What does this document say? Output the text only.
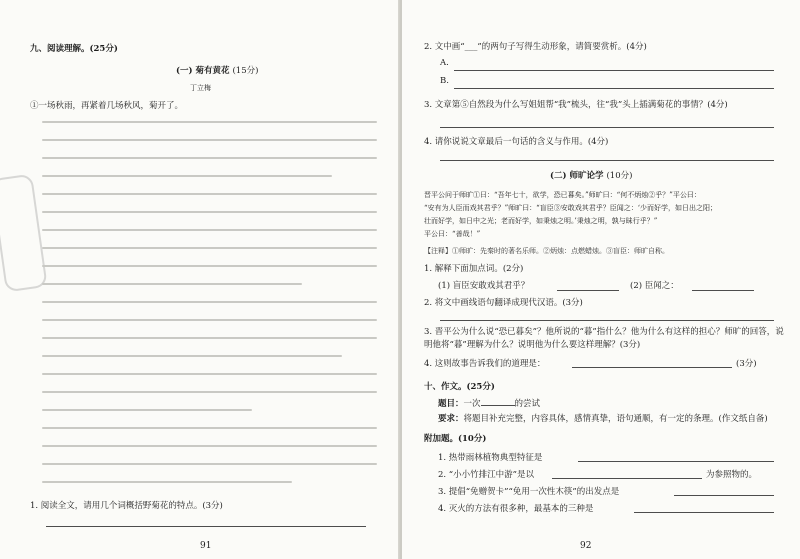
九、阅读理解。(25分)
(一) 菊有黄花 (15分)
丁立梅
①一场秋雨，再紧着几场秋风，菊开了。
1. 阅读全文，请用几个词概括野菊花的特点。(3分)
91
2. 文中画“___”的两句子写得生动形象，请简要赏析。(4分)
A.
B.
3. 文章第⑤自然段为什么写姐姐帮“我”梳头，往“我”头上插满菊花的事情？(4分)
4. 请你说说文章最后一句话的含义与作用。(4分)
(二) 师旷论学 (10分)
晋平公问于师旷①曰：“吾年七十，欲学，恐已暮矣。”师旷曰：“何不炳烛②乎？”平公曰：
“安有为人臣而戏其君乎？”师旷曰：“盲臣③安敢戏其君乎？臣闻之：‘少而好学，如日出之阳；
壮而好学，如日中之光；老而好学，如秉烛之明。’秉烛之明，孰与昧行乎？”
平公曰：“善哉！”
【注释】①师旷：先秦时的著名乐师。②炳烛：点燃蜡烛。③盲臣：师旷自称。
1. 解释下面加点词。(2分)
(1) 盲臣安敢戏其君乎？	(2) 臣闻之：
2. 将文中画线语句翻译成现代汉语。(3分)
3. 晋平公为什么说“恐已暮矣”？他所说的“暮”指什么？他为什么有这样的担心？师旷的回答，说明他将“暮”理解为什么？说明他为什么要这样理解？(3分)
4. 这则故事告诉我们的道理是：	(3分)
十、作文。(25分)
题目：一次	的尝试
要求：将题目补充完整，内容具体，感情真挚，语句通顺，有一定的条理。(作文纸自备)
附加题。(10分)
1. 热带雨林植物典型特征是
2. “小小竹排江中游”是以	为参照物的。
3. 提倡“免赠贺卡”“免用一次性木筷”的出发点是
4. 灭火的方法有很多种，最基本的三种是
92
